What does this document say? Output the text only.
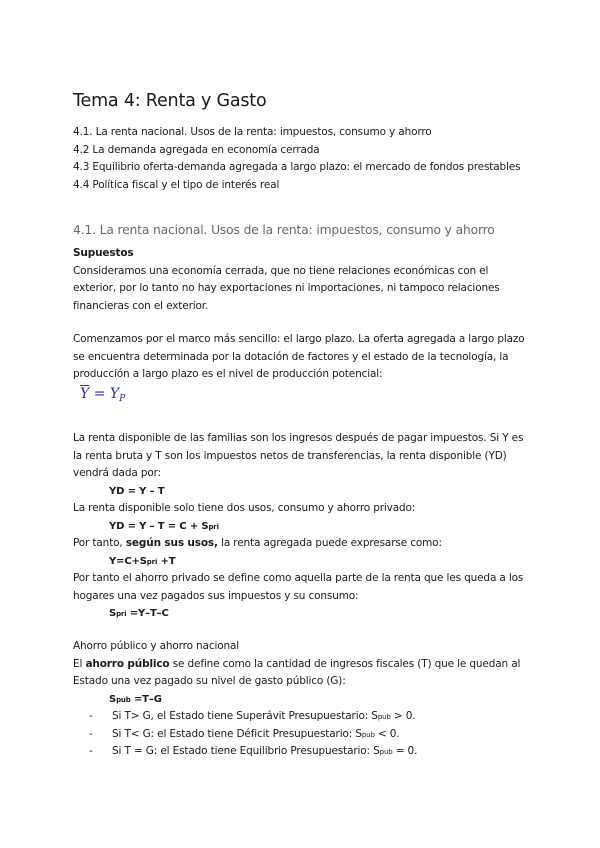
Tema 4: Renta y Gasto
4.1. La renta nacional. Usos de la renta: impuestos, consumo y ahorro
4.2 La demanda agregada en economía cerrada
4.3 Equilibrio oferta-demanda agregada a largo plazo: el mercado de fondos prestables
4.4 Política fiscal y el tipo de interés real
4.1. La renta nacional. Usos de la renta: impuestos, consumo y ahorro
Supuestos
Consideramos una economía cerrada, que no tiene relaciones económicas con el
exterior, por lo tanto no hay exportaciones ni importaciones, ni tampoco relaciones
financieras con el exterior.
Comenzamos por el marco más sencillo: el largo plazo. La oferta agregada a largo plazo
se encuentra determinada por la dotación de factores y el estado de la tecnología, la
producción a largo plazo es el nivel de producción potencial:
$\overline{Y} = Y_P$
La renta disponible de las familias son los ingresos después de pagar impuestos. Si Y es
la renta bruta y T son los impuestos netos de transferencias, la renta disponible (YD)
vendrá dada por:
YD = Y – T
La renta disponible solo tiene dos usos, consumo y ahorro privado:
YD = Y – T = C + Spri
Por tanto, según sus usos, la renta agregada puede expresarse como:
Y=C+Spri +T
Por tanto el ahorro privado se define como aquella parte de la renta que les queda a los
hogares una vez pagados sus impuestos y su consumo:
Spri =Y–T–C
Ahorro público y ahorro nacional
El ahorro público se define como la cantidad de ingresos fiscales (T) que le quedan al
Estado una vez pagado su nivel de gasto público (G):
Spub =T–G
- Si T> G, el Estado tiene Superávit Presupuestario: Spub > 0.
- Si T< G: el Estado tiene Déficit Presupuestario: Spub < 0.
- Si T = G: el Estado tiene Equilibrio Presupuestario: Spub = 0.
